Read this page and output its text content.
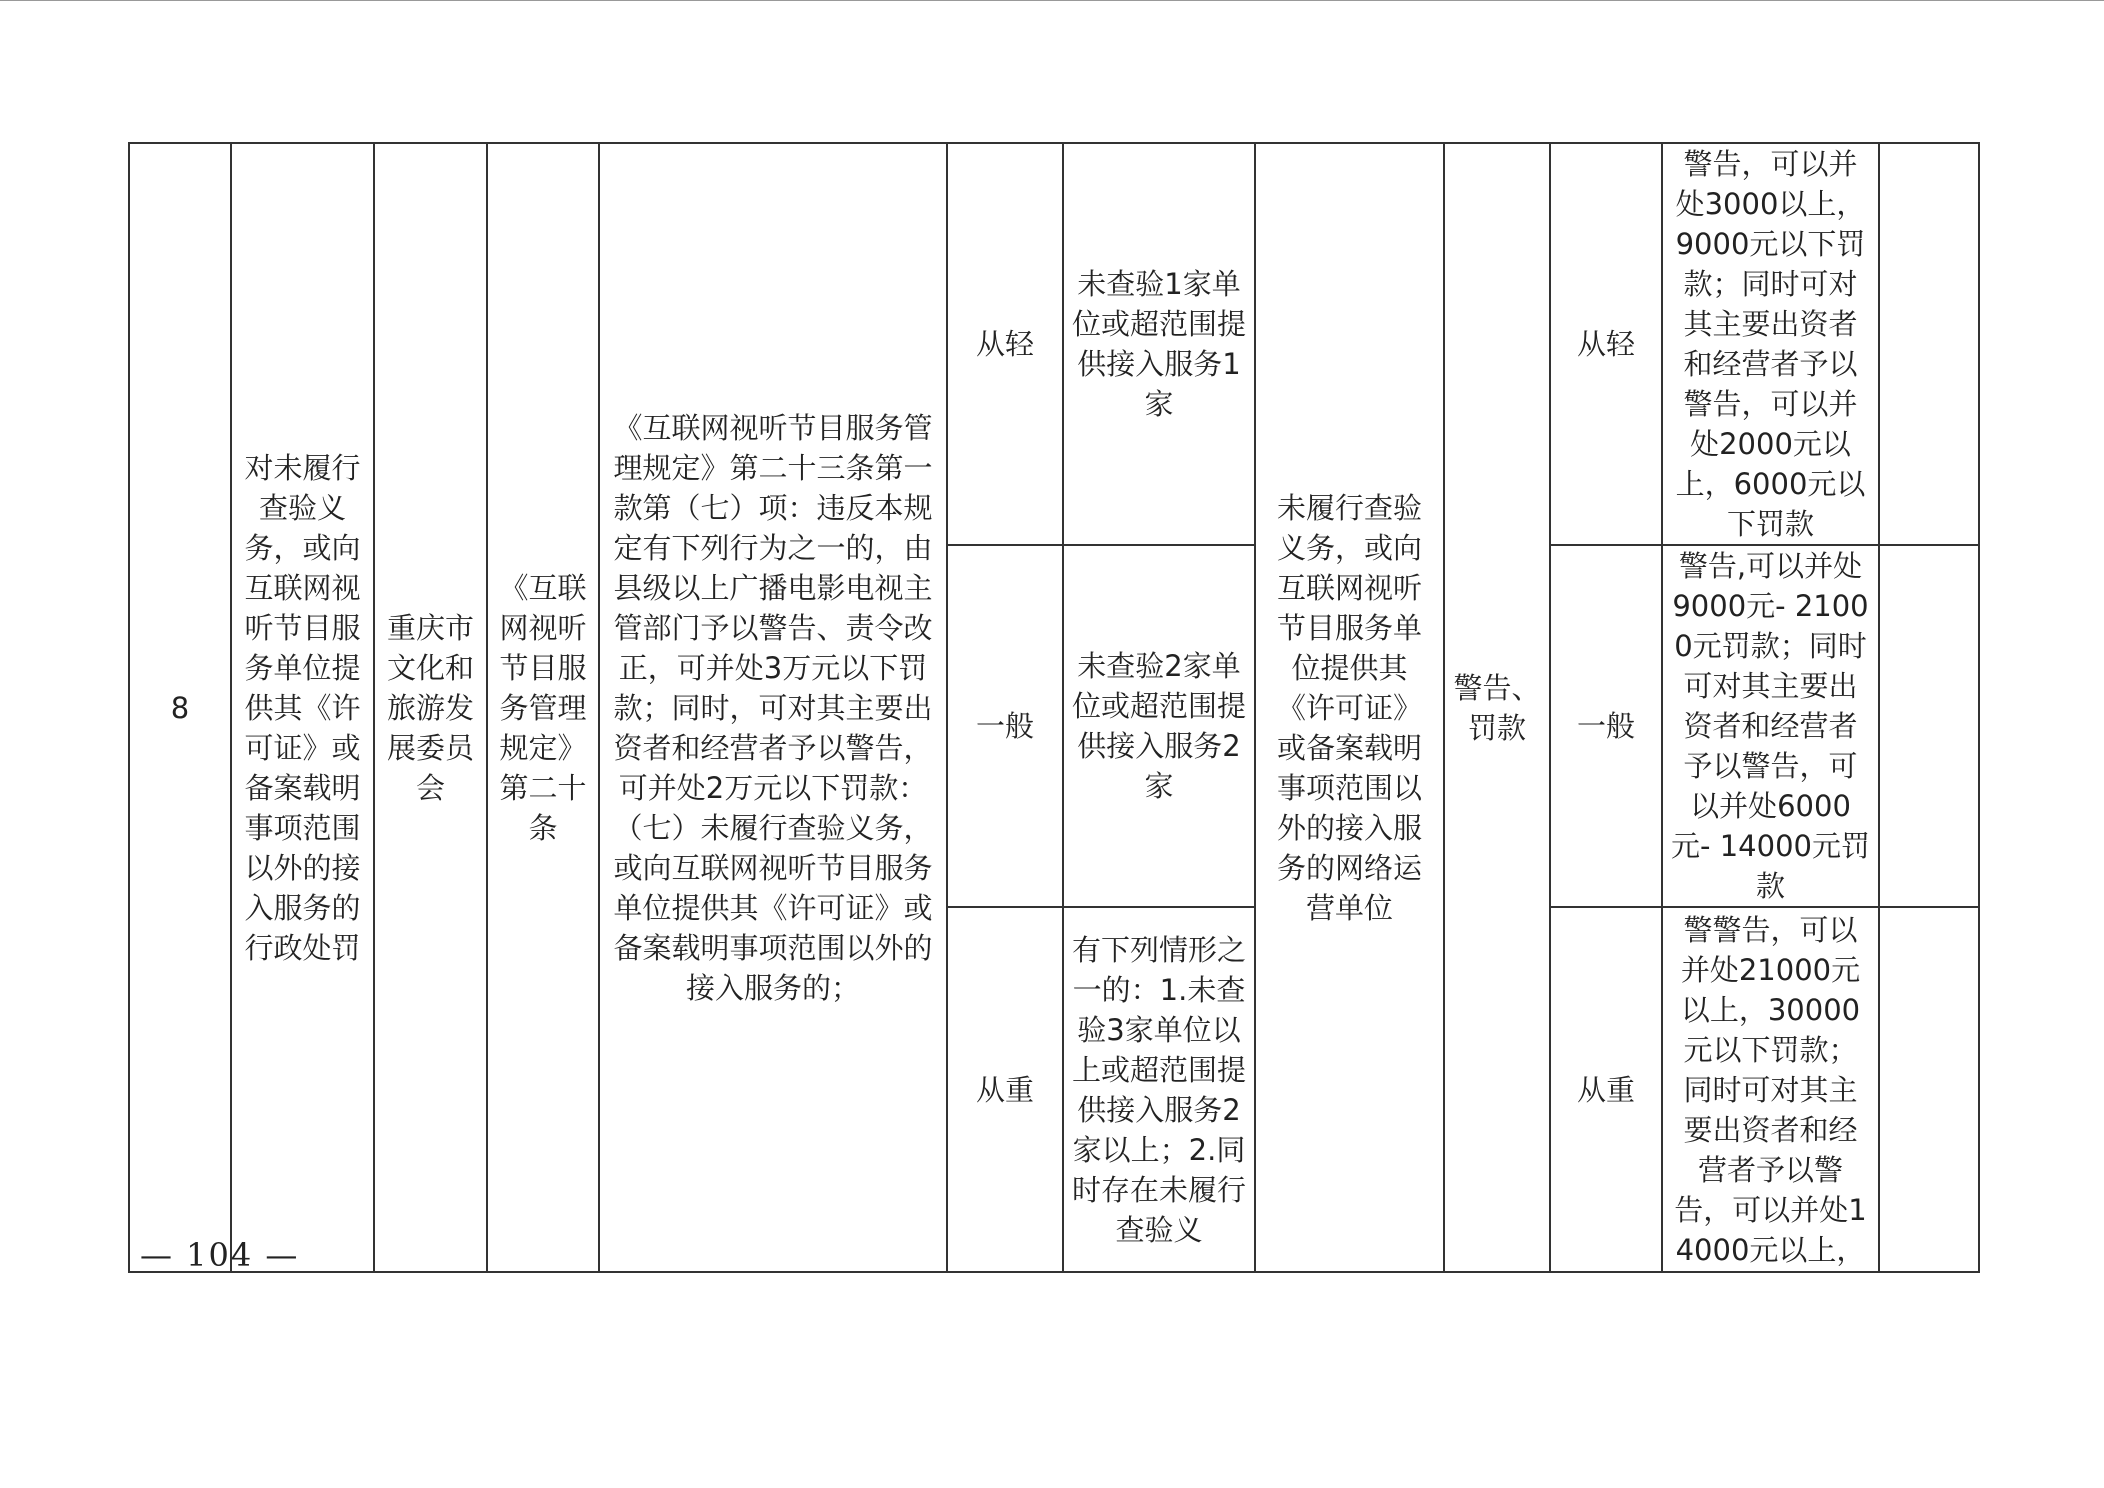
8	对未履行查验义务，或向互联网视听节目服务单位提供其《许可证》或备案载明事项范围以外的接入服务的行政处罚	重庆市文化和旅游发展委员会	《互联网视听节目服务管理规定》第二十条	《互联网视听节目服务管理规定》第二十三条第一款第（七）项：违反本规定有下列行为之一的，由县级以上广播电影电视主管部门予以警告、责令改正，可并处3万元以下罚款；同时，可对其主要出资者和经营者予以警告，可并处2万元以下罚款：（七）未履行查验义务，或向互联网视听节目服务单位提供其《许可证》或备案载明事项范围以外的接入服务的；	从轻	未查验1家单位或超范围提供接入服务1家	未履行查验义务，或向互联网视听节目服务单位提供其《许可证》或备案载明事项范围以外的接入服务的网络运营单位	警告、罚款	从轻	警告，可以并处3000以上，9000元以下罚款；同时可对其主要出资者和经营者予以警告，可以并处2000元以上，6000元以下罚款	
					一般	未查验2家单位或超范围提供接入服务2家			一般	警告,可以并处9000元- 21000元罚款；同时可对其主要出资者和经营者予以警告，可以并处6000元- 14000元罚款	
					从重	有下列情形之一的：1.未查验3家单位以上或超范围提供接入服务2家以上；2.同时存在未履行查验义			从重	警警告，可以并处21000元以上，30000元以下罚款；同时可对其主要出资者和经营者予以警告，可以并处14000元以上，	
— 104 —
